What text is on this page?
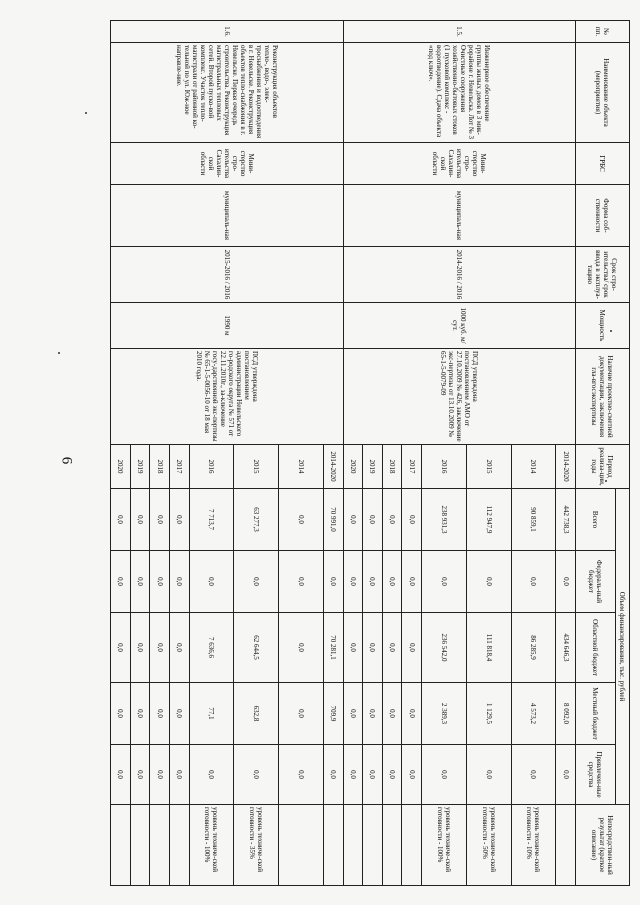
6
№ пп.	Наименование объекта (мероприятия)	ГРБС	Форма соб-ственности	Срок стро-ительства/ срок ввода в эксплуа-тацию	Мощность	Наличие проектно-сметной документации, заключения гла-вгосэкспертизы	Период реализа-ции, годы	Объем финансирования, тыс. рублей					Непосредствен-ный результат (краткое описание)
								Всего	Федераль-ный бюджет	Областной бюджет	Местный бюджет	Привлечен-ные средства	
1.5.	Инженерное обеспечение группы жилых домов в 3 мик-рорайоне г. Невельска. Лот № 3 Очистные сооружения хозяйственно-бытовых стоков (1 пусковой комплекс - водоотведение). Сдача объекта «под ключ».	Мини-стерство стро-ительства Сахалин-ской области	муниципаль-ная	2014-2016 / 2016	1000 куб. м/сут.	ПСД утверждена постановлением АМО от 27.10.2009 № 426, заключение экс-пертизы от 13.10.2009 № 65-1-5-0079-09	2014-2020	442 738,3	0,0	434 646,3	8 092,0	0,0	
							2014	90 859,1	0,0	86 285,9	4 573,2	0,0	уровень техниче-ской готовности - 10%
							2015	112 947,9	0,0	111 818,4	1 129,5	0,0	уровень техниче-ской готовности - 50%
							2016	238 931,3	0,0	236 542,0	2 389,3	0,0	уровень техниче-ской готовности - 100%
							2017	0,0	0,0	0,0	0,0	0,0	
							2018	0,0	0,0	0,0	0,0	0,0	
							2019	0,0	0,0	0,0	0,0	0,0	
							2020	0,0	0,0	0,0	0,0	0,0	
1.6.	Реконструкция объектов тепло-, водо-, элек-троснабжения и водоотведения в г. Невельске. Реконструкция объектов тепло-снабжения в г. Невельске. Первая очередь строительства. Реконструкция магистральных тепловых сетей. Второй пуско-вой комплекс. Участок тепло-магистрали от районной ко-тельной по ул. Юж-ное направле-ние.	Мини-стерство стро-ительства Сахалин-ской области	муниципаль-ная	2015-2016 / 2016	1990 м	ПСД утверждена постановлением администрации Невельского го-родского округа № 571 от 22.11.2010г., за-ключение госу-дарственной экс-пертизы № 65-1-5-0056-10 от 18 мая 2010 года.	2014-2020	70 991,0	0,0	70 281,1	709,9	0,0	
							2014	0,0	0,0	0,0	0,0	0,0	
							2015	63 277,3	0,0	62 644,5	632,8	0,0	уровень техниче-ской готовности - 35%
							2016	7 713,7	0,0	7 636,6	77,1	0,0	уровень техниче-ской готовности - 100%
							2017	0,0	0,0	0,0	0,0	0,0	
							2018	0,0	0,0	0,0	0,0	0,0	
							2019	0,0	0,0	0,0	0,0	0,0	
							2020	0,0	0,0	0,0	0,0	0,0	
